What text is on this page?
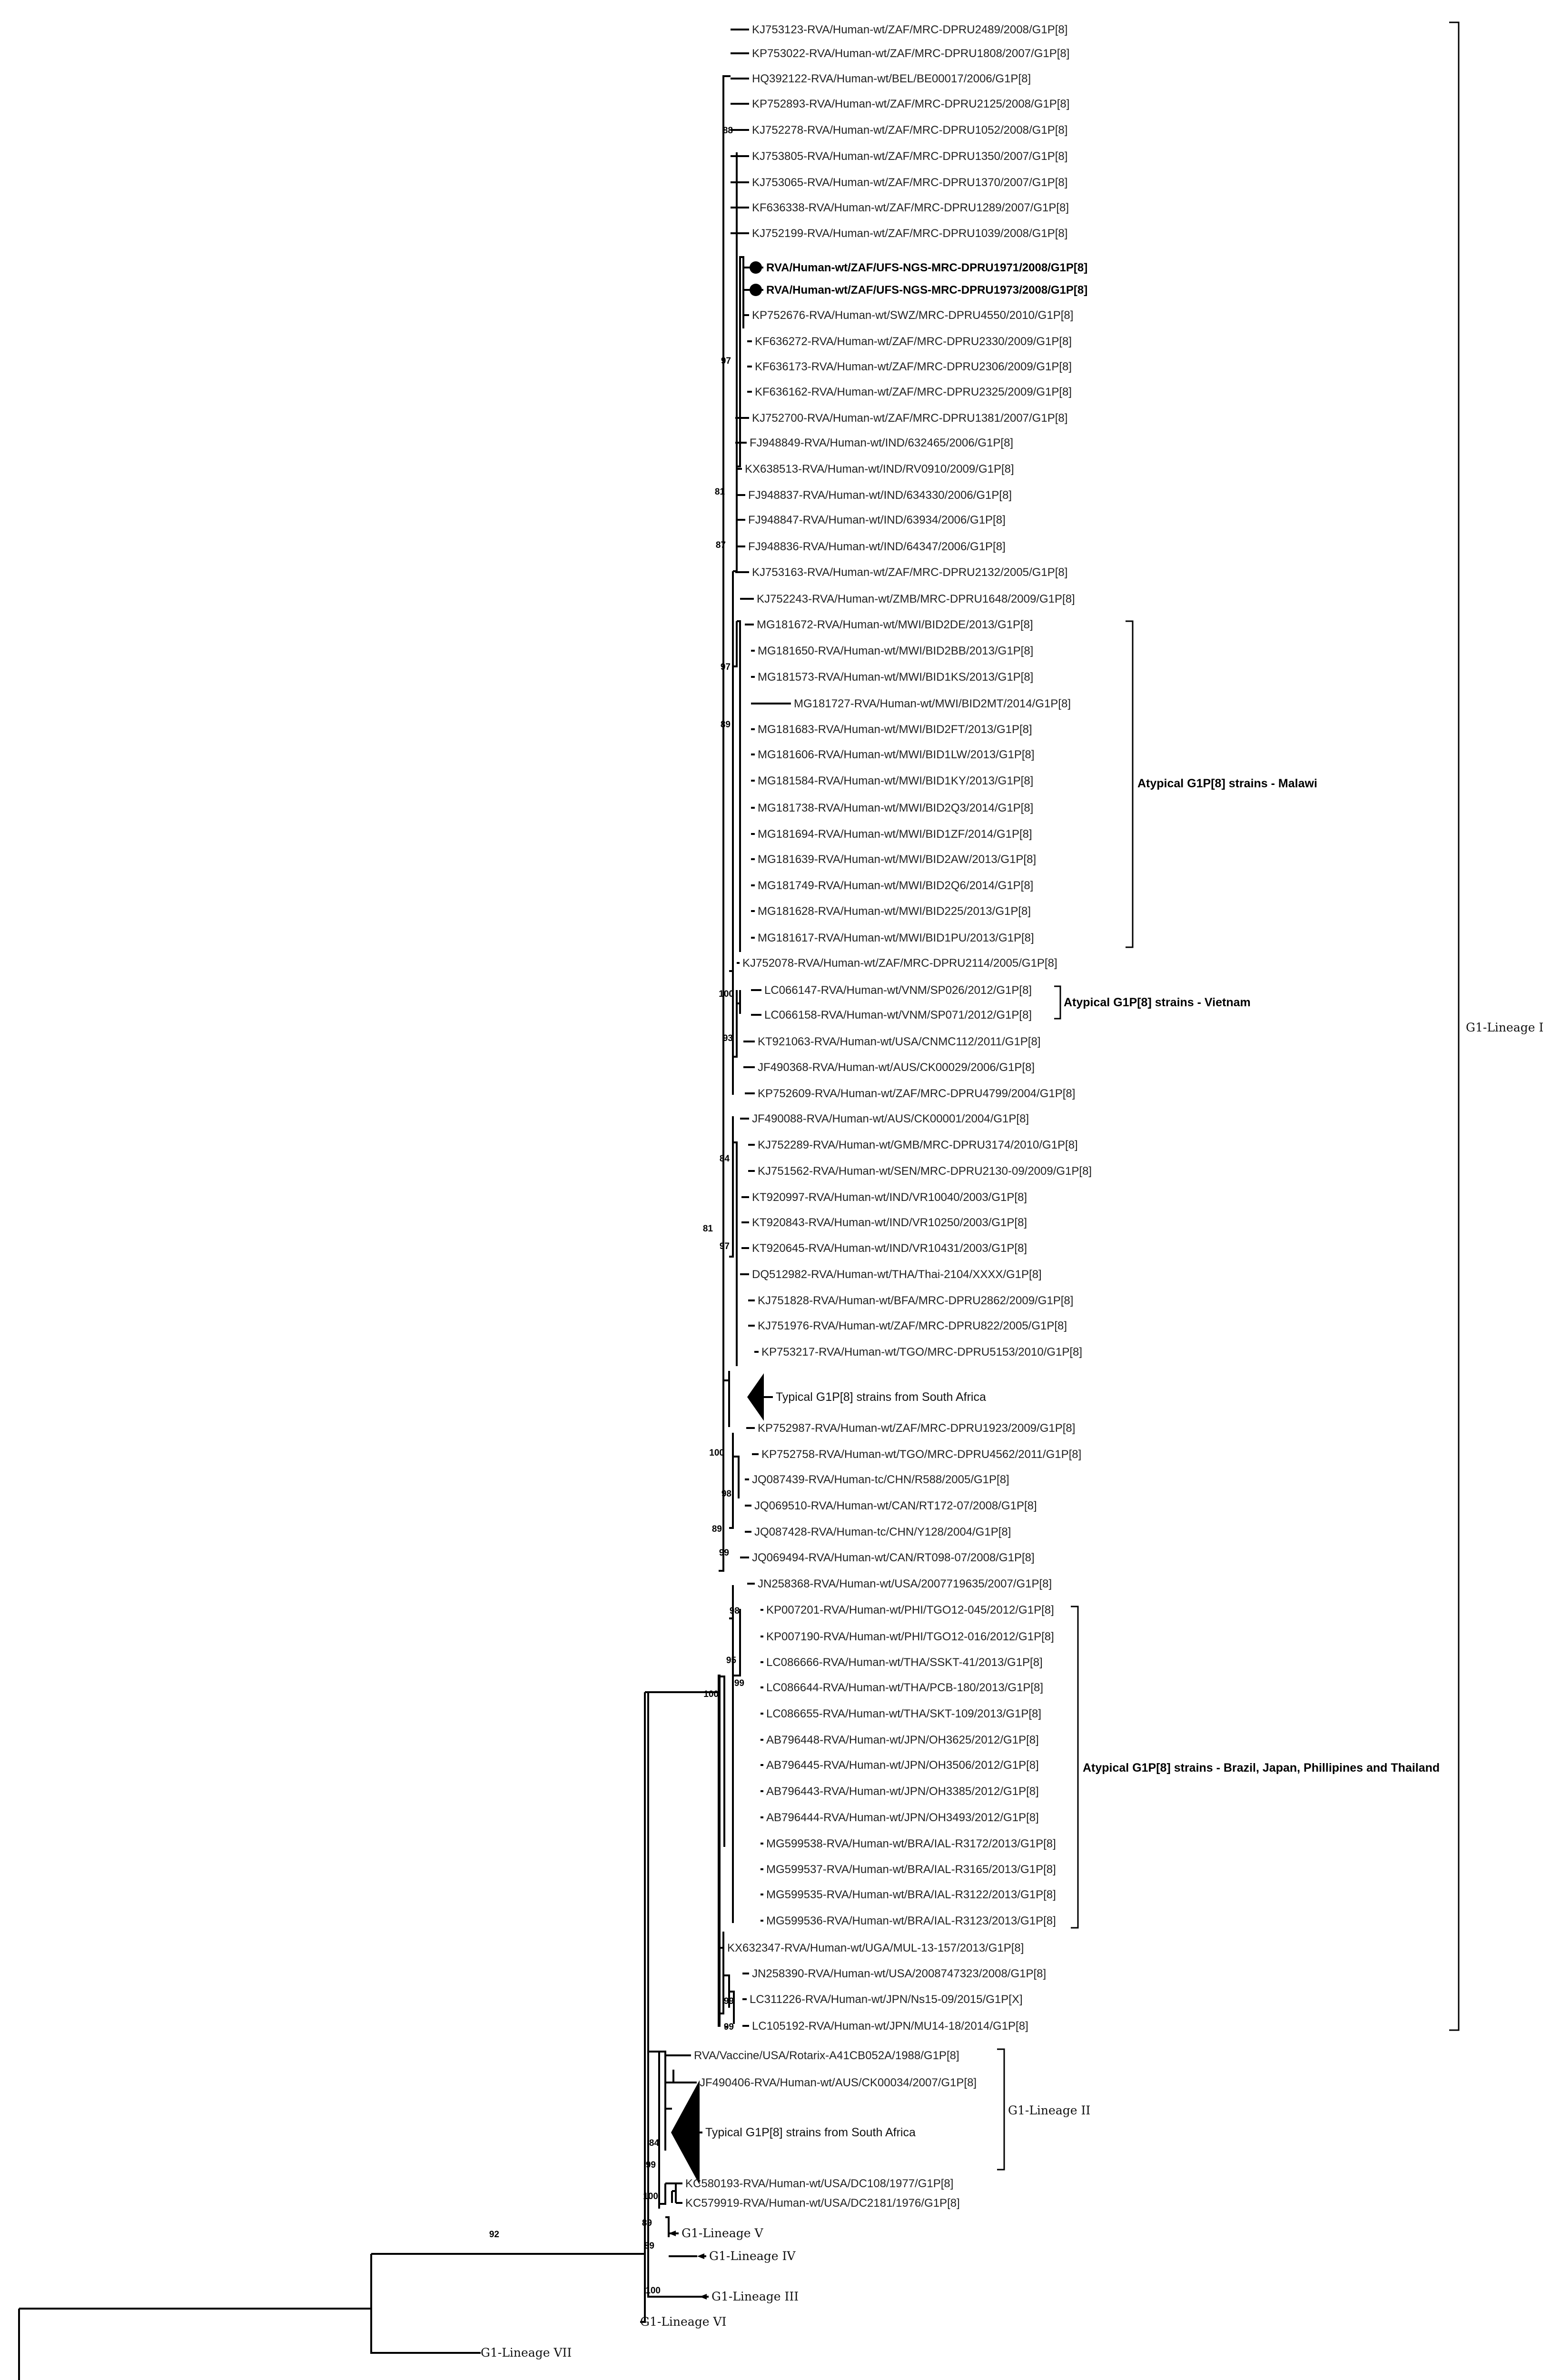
KJ753123-RVA/Human-wt/ZAF/MRC-DPRU2489/2008/G1P[8]
KP753022-RVA/Human-wt/ZAF/MRC-DPRU1808/2007/G1P[8]
HQ392122-RVA/Human-wt/BEL/BE00017/2006/G1P[8]
KP752893-RVA/Human-wt/ZAF/MRC-DPRU2125/2008/G1P[8]
KJ752278-RVA/Human-wt/ZAF/MRC-DPRU1052/2008/G1P[8]
KJ753805-RVA/Human-wt/ZAF/MRC-DPRU1350/2007/G1P[8]
KJ753065-RVA/Human-wt/ZAF/MRC-DPRU1370/2007/G1P[8]
KF636338-RVA/Human-wt/ZAF/MRC-DPRU1289/2007/G1P[8]
KJ752199-RVA/Human-wt/ZAF/MRC-DPRU1039/2008/G1P[8]
RVA/Human-wt/ZAF/UFS-NGS-MRC-DPRU1971/2008/G1P[8]
RVA/Human-wt/ZAF/UFS-NGS-MRC-DPRU1973/2008/G1P[8]
KP752676-RVA/Human-wt/SWZ/MRC-DPRU4550/2010/G1P[8]
KF636272-RVA/Human-wt/ZAF/MRC-DPRU2330/2009/G1P[8]
KF636173-RVA/Human-wt/ZAF/MRC-DPRU2306/2009/G1P[8]
KF636162-RVA/Human-wt/ZAF/MRC-DPRU2325/2009/G1P[8]
KJ752700-RVA/Human-wt/ZAF/MRC-DPRU1381/2007/G1P[8]
FJ948849-RVA/Human-wt/IND/632465/2006/G1P[8]
KX638513-RVA/Human-wt/IND/RV0910/2009/G1P[8]
FJ948837-RVA/Human-wt/IND/634330/2006/G1P[8]
FJ948847-RVA/Human-wt/IND/63934/2006/G1P[8]
FJ948836-RVA/Human-wt/IND/64347/2006/G1P[8]
KJ753163-RVA/Human-wt/ZAF/MRC-DPRU2132/2005/G1P[8]
KJ752243-RVA/Human-wt/ZMB/MRC-DPRU1648/2009/G1P[8]
MG181672-RVA/Human-wt/MWI/BID2DE/2013/G1P[8]
MG181650-RVA/Human-wt/MWI/BID2BB/2013/G1P[8]
MG181573-RVA/Human-wt/MWI/BID1KS/2013/G1P[8]
MG181727-RVA/Human-wt/MWI/BID2MT/2014/G1P[8]
MG181683-RVA/Human-wt/MWI/BID2FT/2013/G1P[8]
MG181606-RVA/Human-wt/MWI/BID1LW/2013/G1P[8]
MG181584-RVA/Human-wt/MWI/BID1KY/2013/G1P[8]
MG181738-RVA/Human-wt/MWI/BID2Q3/2014/G1P[8]
MG181694-RVA/Human-wt/MWI/BID1ZF/2014/G1P[8]
MG181639-RVA/Human-wt/MWI/BID2AW/2013/G1P[8]
MG181749-RVA/Human-wt/MWI/BID2Q6/2014/G1P[8]
MG181628-RVA/Human-wt/MWI/BID225/2013/G1P[8]
MG181617-RVA/Human-wt/MWI/BID1PU/2013/G1P[8]
KJ752078-RVA/Human-wt/ZAF/MRC-DPRU2114/2005/G1P[8]
LC066147-RVA/Human-wt/VNM/SP026/2012/G1P[8]
LC066158-RVA/Human-wt/VNM/SP071/2012/G1P[8]
KT921063-RVA/Human-wt/USA/CNMC112/2011/G1P[8]
JF490368-RVA/Human-wt/AUS/CK00029/2006/G1P[8]
KP752609-RVA/Human-wt/ZAF/MRC-DPRU4799/2004/G1P[8]
JF490088-RVA/Human-wt/AUS/CK00001/2004/G1P[8]
KJ752289-RVA/Human-wt/GMB/MRC-DPRU3174/2010/G1P[8]
KJ751562-RVA/Human-wt/SEN/MRC-DPRU2130-09/2009/G1P[8]
KT920997-RVA/Human-wt/IND/VR10040/2003/G1P[8]
KT920843-RVA/Human-wt/IND/VR10250/2003/G1P[8]
KT920645-RVA/Human-wt/IND/VR10431/2003/G1P[8]
DQ512982-RVA/Human-wt/THA/Thai-2104/XXXX/G1P[8]
KJ751828-RVA/Human-wt/BFA/MRC-DPRU2862/2009/G1P[8]
KJ751976-RVA/Human-wt/ZAF/MRC-DPRU822/2005/G1P[8]
KP753217-RVA/Human-wt/TGO/MRC-DPRU5153/2010/G1P[8]
Typical G1P[8] strains from South Africa
KP752987-RVA/Human-wt/ZAF/MRC-DPRU1923/2009/G1P[8]
KP752758-RVA/Human-wt/TGO/MRC-DPRU4562/2011/G1P[8]
JQ087439-RVA/Human-tc/CHN/R588/2005/G1P[8]
JQ069510-RVA/Human-wt/CAN/RT172-07/2008/G1P[8]
JQ087428-RVA/Human-tc/CHN/Y128/2004/G1P[8]
JQ069494-RVA/Human-wt/CAN/RT098-07/2008/G1P[8]
JN258368-RVA/Human-wt/USA/2007719635/2007/G1P[8]
KP007201-RVA/Human-wt/PHI/TGO12-045/2012/G1P[8]
KP007190-RVA/Human-wt/PHI/TGO12-016/2012/G1P[8]
LC086666-RVA/Human-wt/THA/SSKT-41/2013/G1P[8]
LC086644-RVA/Human-wt/THA/PCB-180/2013/G1P[8]
LC086655-RVA/Human-wt/THA/SKT-109/2013/G1P[8]
AB796448-RVA/Human-wt/JPN/OH3625/2012/G1P[8]
AB796445-RVA/Human-wt/JPN/OH3506/2012/G1P[8]
AB796443-RVA/Human-wt/JPN/OH3385/2012/G1P[8]
AB796444-RVA/Human-wt/JPN/OH3493/2012/G1P[8]
MG599538-RVA/Human-wt/BRA/IAL-R3172/2013/G1P[8]
MG599537-RVA/Human-wt/BRA/IAL-R3165/2013/G1P[8]
MG599535-RVA/Human-wt/BRA/IAL-R3122/2013/G1P[8]
MG599536-RVA/Human-wt/BRA/IAL-R3123/2013/G1P[8]
KX632347-RVA/Human-wt/UGA/MUL-13-157/2013/G1P[8]
JN258390-RVA/Human-wt/USA/2008747323/2008/G1P[8]
LC311226-RVA/Human-wt/JPN/Ns15-09/2015/G1P[X]
LC105192-RVA/Human-wt/JPN/MU14-18/2014/G1P[8]
RVA/Vaccine/USA/Rotarix-A41CB052A/1988/G1P[8]
JF490406-RVA/Human-wt/AUS/CK00034/2007/G1P[8]
Typical G1P[8] strains from South Africa
KC580193-RVA/Human-wt/USA/DC108/1977/G1P[8]
KC579919-RVA/Human-wt/USA/DC2181/1976/G1P[8]
G1-Lineage V
G1-Lineage IV
G1-Lineage III
G1-Lineage VI
G1-Lineage VII
88
97
81
87
97
89
100
93
84
97
81
100
98
89
99
98
95
99
100
99
99
84
99
100
89
89
100
92
Atypical G1P[8] strains - Malawi
Atypical G1P[8] strains - Vietnam
Atypical G1P[8] strains - Brazil, Japan, Phillipines and Thailand
G1-Lineage I
G1-Lineage II
